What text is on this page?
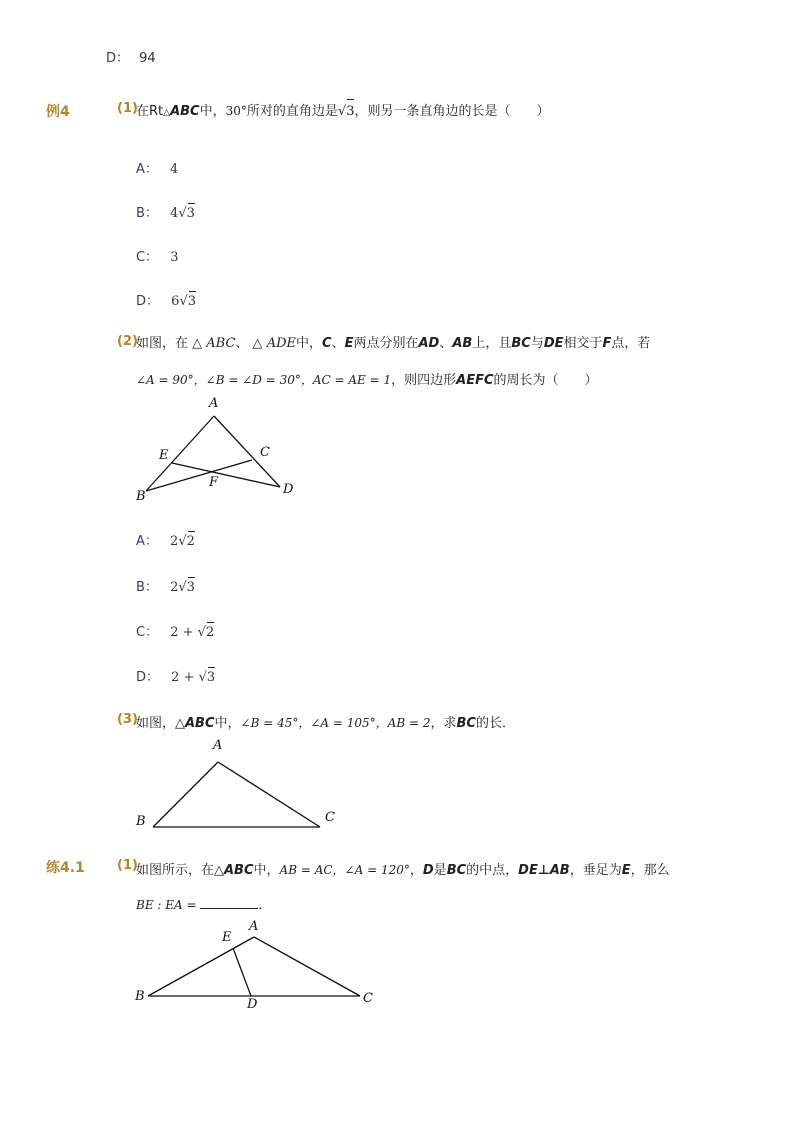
D： 94
例4	(1)
在Rt△ABC中，30°所对的直角边是√3
，则另一条直角边的长是（　　）
A： 4
B： 4√3
C： 3
D： 6√3
(2)
如图，在 △ ABC、 △ ADE中，C、E两点分别在AD、AB上，且BC与DE相交于F点，若
∠A = 90°，∠B = ∠D = 30°，AC = AE = 1，则四边形AEFC的周长为（　　）
A
E	C
F
B	D
A： 2√2
B： 2√3
C： 2 + √2
D： 2 + √3
(3)
如图，△ABC中，∠B = 45°，∠A = 105°，AB = 2，求BC的长．
A
B	C
练4.1 (1)
如图所示，在△ABC中，AB = AC，∠A = 120°，D是BC的中点，DE⊥AB，垂足为E，那么
BE : EA =	．
A
E
B
D	C
